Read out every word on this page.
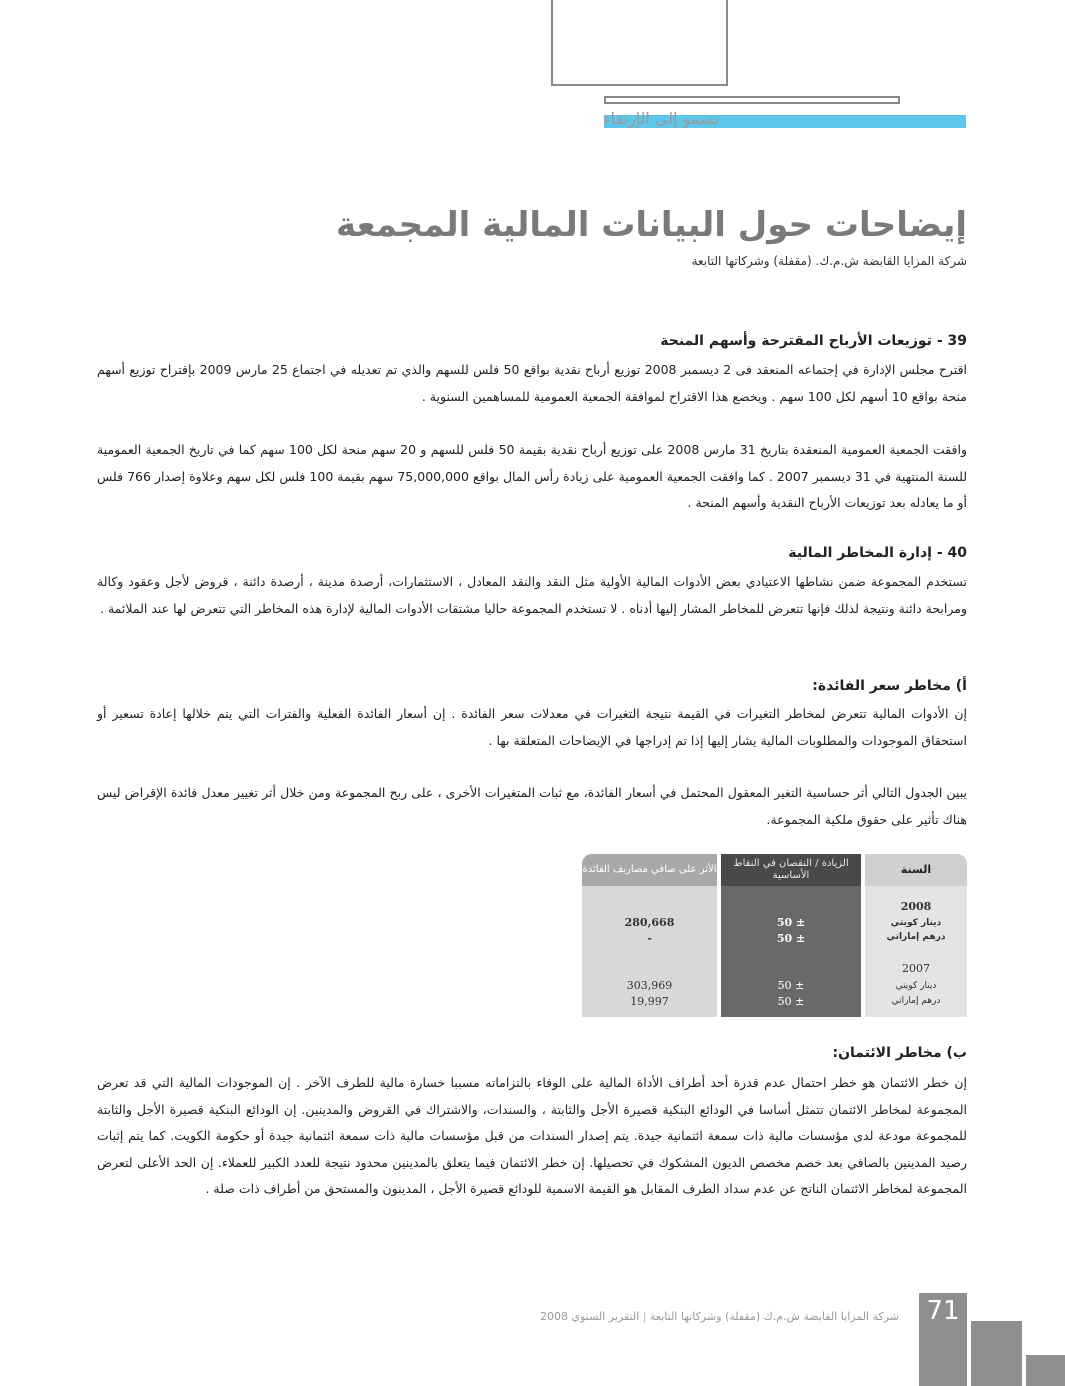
نسمو إلى الإرتقاء
إيضاحات حول البيانات المالية المجمعة
شركة المزايا القابضة ش.م.ك. (مقفلة) وشركاتها التابعة
39 - توزيعات الأرباح المقترحة وأسهم المنحة

اقترح مجلس الإدارة في إجتماعه المنعقد فى 2 ديسمبر 2008 توزيع أرباح نقدية بواقع 50 فلس للسهم والذي تم تعديله في اجتماع 25 مارس 2009 بإقتراح توزيع أسهم منحة بواقع 10 أسهم لكل 100 سهم . ويخضع هذا الاقتراح لموافقة الجمعية العمومية للمساهمين السنوية .

وافقت الجمعية العمومية المنعقدة بتاريخ 31 مارس 2008 على توزيع أرباح نقدية بقيمة 50 فلس للسهم و 20 سهم منحة لكل 100 سهم كما في تاريخ الجمعية العمومية للسنة المنتهية في 31 ديسمبر 2007 . كما وافقت الجمعية العمومية على زيادة رأس المال بواقع 75,000,000 سهم بقيمة 100 فلس لكل سهم وعلاوة إصدار 766 فلس أو ما يعادله بعد توزيعات الأرباح النقدية وأسهم المنحة .

40 - إدارة المخاطر المالية

تستخدم المجموعة ضمن نشاطها الاعتيادي بعض الأدوات المالية الأولية مثل النقد والنقد المعادل ، الاستثمارات، أرصدة مدينة ، أرصدة دائنة ، قروض لأجل وعقود وكالة ومرابحة دائنة ونتيجة لذلك فإنها تتعرض للمخاطر المشار إليها أدناه . لا تستخدم المجموعة حاليا مشتقات الأدوات المالية لإدارة هذه المخاطر التي تتعرض لها عند الملائمة .

أ) مخاطر سعر الفائدة:

إن الأدوات المالية تتعرض لمخاطر التغيرات في القيمة نتيجة التغيرات في معدلات سعر الفائدة . إن أسعار الفائدة الفعلية والفترات التي يتم خلالها إعادة تسعير أو استحقاق الموجودات والمطلوبات المالية يشار إليها إذا تم إدراجها في الإيضاحات المتعلقة بها .

يبين الجدول التالي أثر حساسية التغير المعقول المحتمل في أسعار الفائدة، مع ثبات المتغيرات الأخرى ، على ربح المجموعة ومن خلال أثر تغيير معدل فائدة الإقراض ليس هناك تأثير على حقوق ملكية المجموعة.

السنة
2008
دينار كويتي
درهم إماراتي
2007
دينار كويتي
درهم إماراتي
الزيادة / النقصان في النقاط الأساسية
± 50
± 50
± 50
± 50
الأثر على صافي مصاريف الفائدة
280,668
-
303,969
19,997
ب) مخاطر الائتمان:

إن خطر الائتمان هو خطر احتمال عدم قدرة أحد أطراف الأداة المالية على الوفاء بالتزاماته مسببا خسارة مالية للطرف الآخر . إن الموجودات المالية التي قد تعرض المجموعة لمخاطر الائتمان تتمثل أساسا في الودائع البنكية قصيرة الأجل والثابتة ، والسندات، والاشتراك في القروض والمدينين. إن الودائع البنكية قصيرة الأجل والثابتة للمجموعة مودعة لدى مؤسسات مالية ذات سمعة ائتمانية جيدة. يتم إصدار السندات من قبل مؤسسات مالية ذات سمعة ائتمانية جيدة أو حكومة الكويت. كما يتم إثبات رصيد المدينين بالصافي بعد خصم مخصص الديون المشكوك في تحصيلها. إن خطر الائتمان فيما يتعلق بالمدينين محدود نتيجة للعدد الكبير للعملاء. إن الحد الأعلى لتعرض المجموعة لمخاطر الائتمان الناتج عن عدم سداد الطرف المقابل هو القيمة الاسمية للودائع قصيرة الأجل ، المدينون والمستحق من أطراف ذات صلة .

شركة المزايا القابضة ش.م.ك (مقفلة) وشركاتها التابعة | التقرير السنوي 2008	71
